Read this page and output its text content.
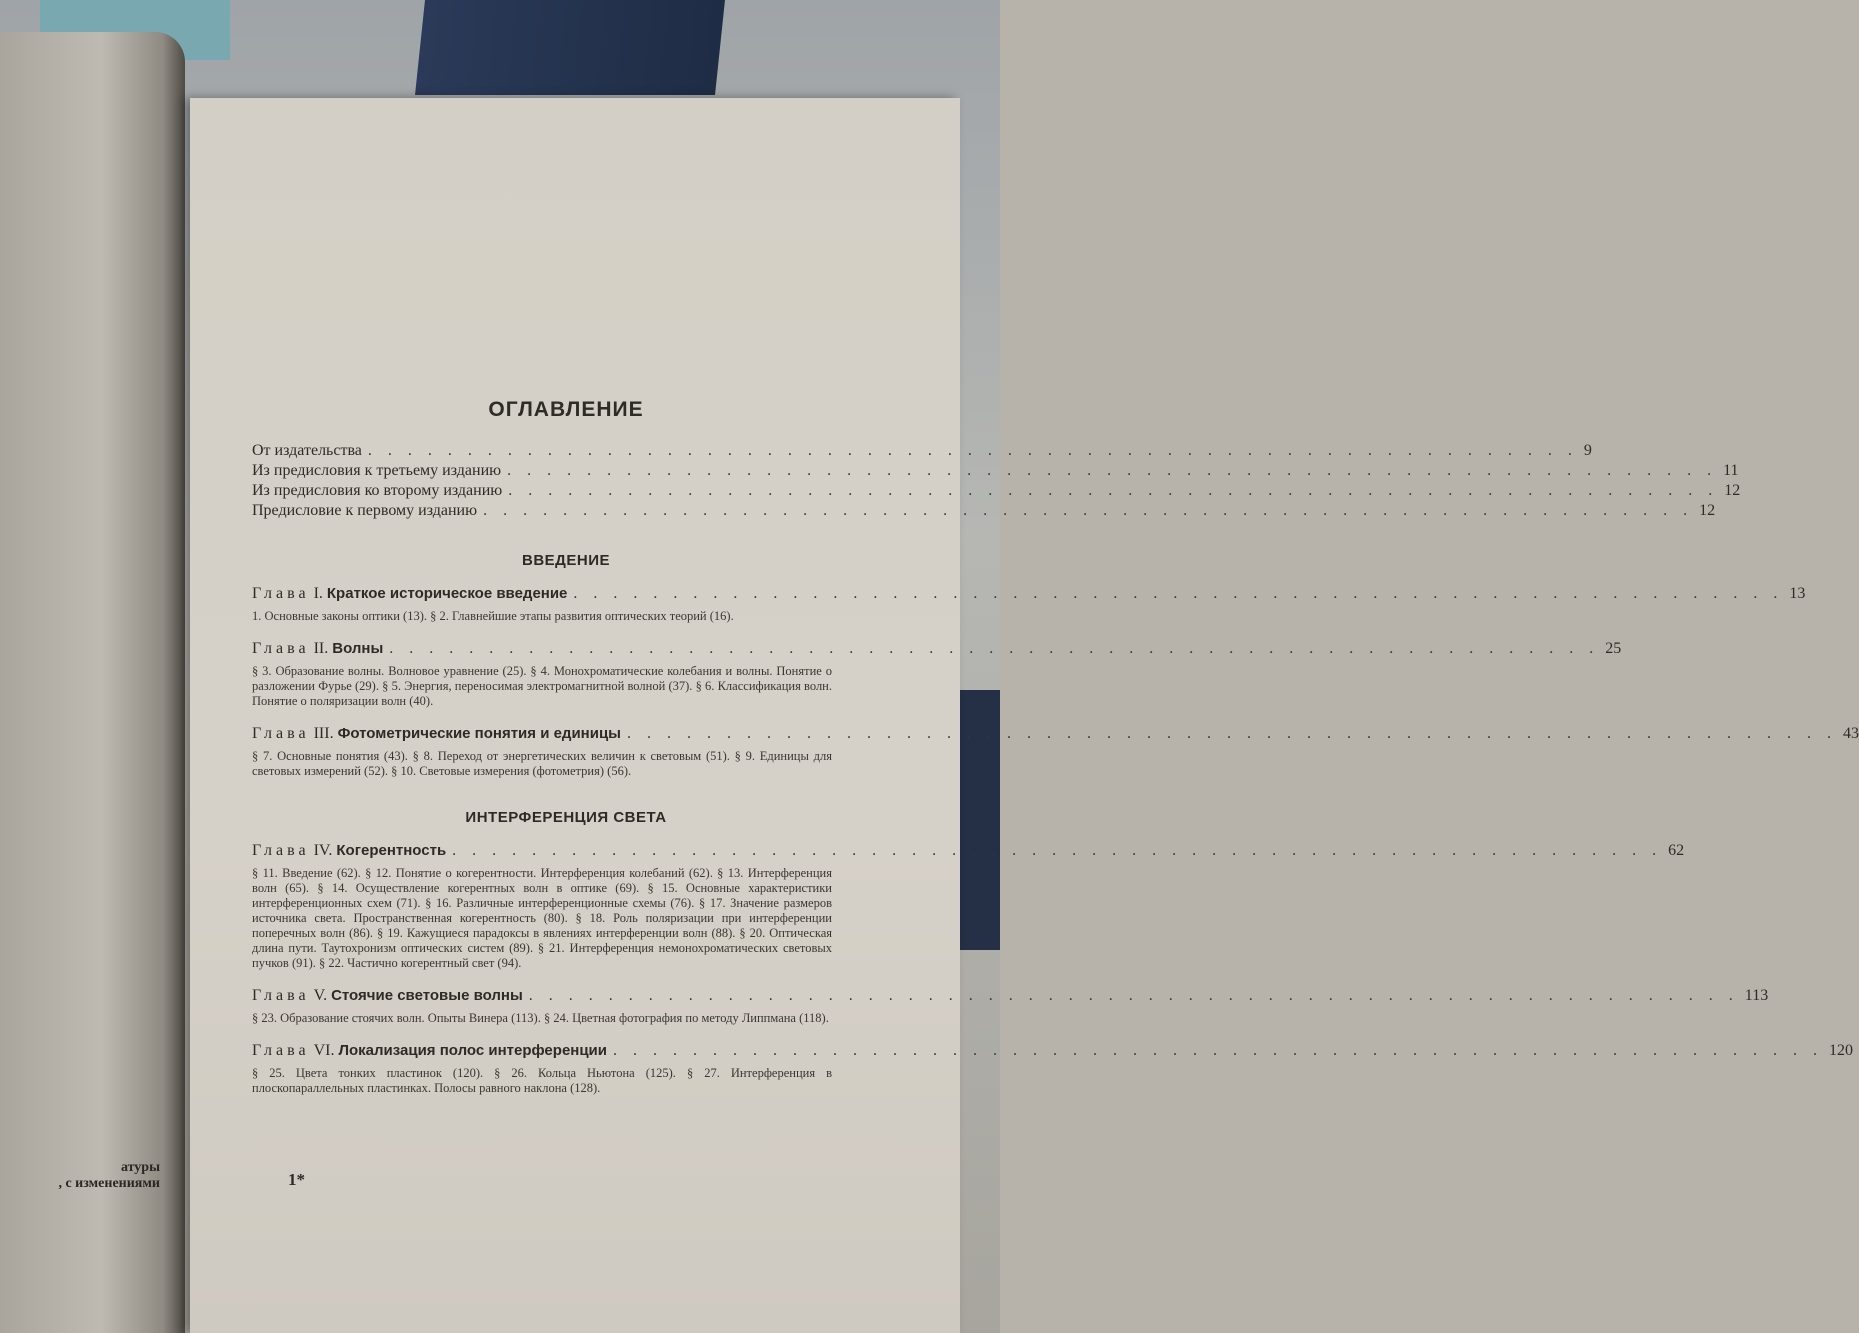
атуры
, с изменениями
ОГЛАВЛЕНИЕ
От издательства . . . . . . . . . . . . . . . . . . . . . . . . . . . . . . . . . . . . . . . . . . . . . . . . . . . . . . . . . . . . . 9
Из предисловия к третьему изданию . . . . . . . . . . . . . . . . . . . . . . . . . . . . . . . . . . . . . . . . . . . . . . . . . . . . . . . . . . . . . 11
Из предисловия ко второму изданию . . . . . . . . . . . . . . . . . . . . . . . . . . . . . . . . . . . . . . . . . . . . . . . . . . . . . . . . . . . . . 12
Предисловие к первому изданию . . . . . . . . . . . . . . . . . . . . . . . . . . . . . . . . . . . . . . . . . . . . . . . . . . . . . . . . . . . . . 12
ВВЕДЕНИЕ
Глава I. Краткое историческое введение . . . . . . . . . . . . . . . . . . . . . . . . . . . . . . . . . . . . . . . . . . . . . . . . . . . . . . . . . . . . . 13
1. Основные законы оптики (13). § 2. Главнейшие этапы развития оптических теорий (16).
Глава II. Волны . . . . . . . . . . . . . . . . . . . . . . . . . . . . . . . . . . . . . . . . . . . . . . . . . . . . . . . . . . . . . 25
§ 3. Образование волны. Волновое уравнение (25). § 4. Монохроматические колебания и волны. Понятие о разложении Фурье (29). § 5. Энергия, переносимая электромагнитной волной (37). § 6. Классификация волн. Понятие о поляризации волн (40).
Глава III. Фотометрические понятия и единицы . . . . . . . . . . . . . . . . . . . . . . . . . . . . . . . . . . . . . . . . . . . . . . . . . . . . . . . . . . . . . 43
§ 7. Основные понятия (43). § 8. Переход от энергетических величин к световым (51). § 9. Единицы для световых измерений (52). § 10. Световые измерения (фотометрия) (56).
ИНТЕРФЕРЕНЦИЯ СВЕТА
Глава IV. Когерентность . . . . . . . . . . . . . . . . . . . . . . . . . . . . . . . . . . . . . . . . . . . . . . . . . . . . . . . . . . . . . 62
§ 11. Введение (62). § 12. Понятие о когерентности. Интерференция колебаний (62). § 13. Интерференция волн (65). § 14. Осуществление когерентных волн в оптике (69). § 15. Основные характеристики интерференционных схем (71). § 16. Различные интерференционные схемы (76). § 17. Значение размеров источника света. Пространственная когерентность (80). § 18. Роль поляризации при интерференции поперечных волн (86). § 19. Кажущиеся парадоксы в явлениях интерференции волн (88). § 20. Оптическая длина пути. Таутохронизм оптических систем (89). § 21. Интерференция немонохроматических световых пучков (91). § 22. Частично когерентный свет (94).
Глава V. Стоячие световые волны . . . . . . . . . . . . . . . . . . . . . . . . . . . . . . . . . . . . . . . . . . . . . . . . . . . . . . . . . . . . . 113
§ 23. Образование стоячих волн. Опыты Винера (113). § 24. Цветная фотография по методу Липпмана (118).
Глава VI. Локализация полос интерференции . . . . . . . . . . . . . . . . . . . . . . . . . . . . . . . . . . . . . . . . . . . . . . . . . . . . . . . . . . . . . 120
§ 25. Цвета тонких пластинок (120). § 26. Кольца Ньютона (125). § 27. Интерференция в плоскопараллельных пластинках. Полосы равного наклона (128).
1*
